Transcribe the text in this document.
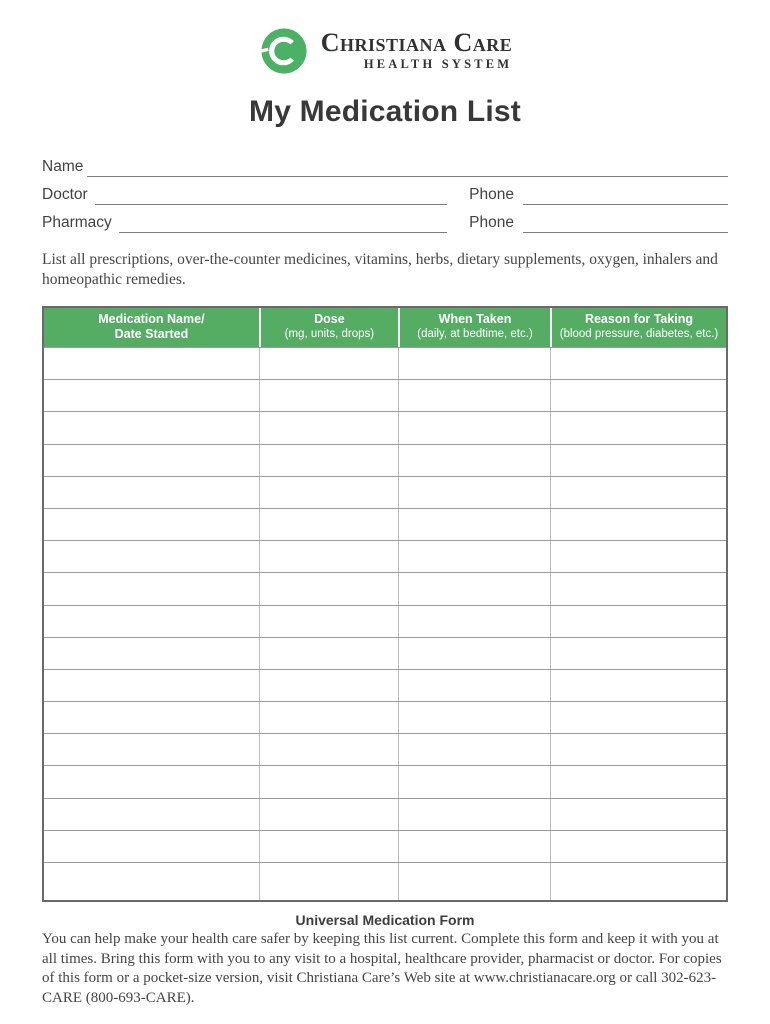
Christiana Care
HEALTH SYSTEM
My Medication List
Name
Doctor	Phone
Pharmacy	Phone
List all prescriptions, over-the-counter medicines, vitamins, herbs, dietary supplements, oxygen, inhalers and homeopathic remedies.
Medication Name/
Date Started
Dose
(mg, units, drops)
When Taken
(daily, at bedtime, etc.)
Reason for Taking
(blood pressure, diabetes, etc.)
Universal Medication Form
You can help make your health care safer by keeping this list current. Complete this form and keep it with you at all times. Bring this form with you to any visit to a hospital, healthcare provider, pharmacist or doctor. For copies of this form or a pocket-size version, visit Christiana Care’s Web site at www.christianacare.org or call 302-623-CARE (800-693-CARE).
